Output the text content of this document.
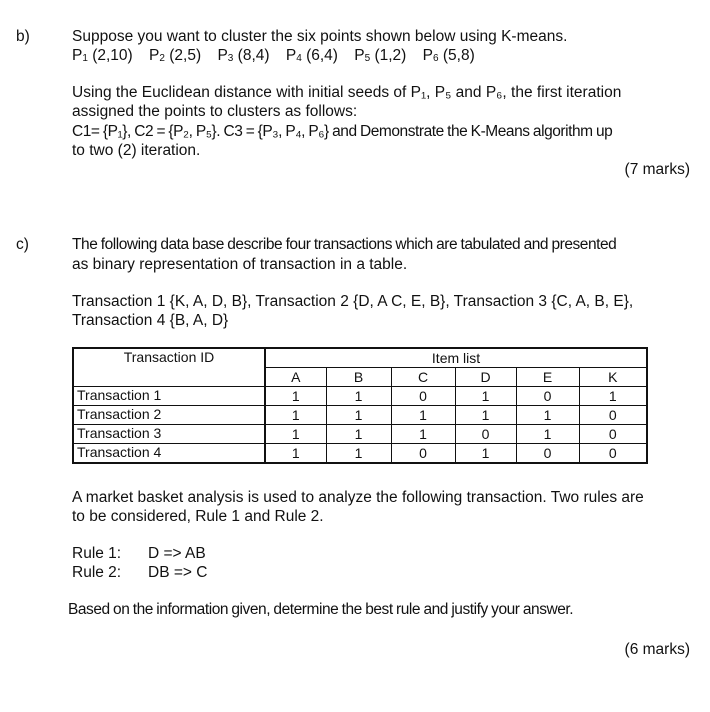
b)	Suppose you want to cluster the six points shown below using K-means.
$P_1$ (2,10) $P_2$ (2,5) $P_3$ (8,4) $P_4$ (6,4) $P_5$ (1,2) $P_6$ (5,8)
Using the Euclidean distance with initial seeds of P₁, P₅ and P₆, the first iteration
assigned the points to clusters as follows:
C1= {P₁}, C2 = {P₂, P₅}. C3 = {P₃, P₄, P₆} and Demonstrate the K-Means algorithm up
to two (2) iteration.
(7 marks)
c)	The following data base describe four transactions which are tabulated and presented
as binary representation of transaction in a table.
Transaction 1 {K, A, D, B}, Transaction 2 {D, A C, E, B}, Transaction 3 {C, A, B, E},
Transaction 4 {B, A, D}
Transaction ID	Item list					
	A	B	C	D	E	K
Transaction 1	1	1	0	1	0	1
Transaction 2	1	1	1	1	1	0
Transaction 3	1	1	1	0	1	0
Transaction 4	1	1	0	1	0	0
A market basket analysis is used to analyze the following transaction. Two rules are
to be considered, Rule 1 and Rule 2.
Rule 1: D => AB
Rule 2: DB => C
Based on the information given, determine the best rule and justify your answer.
(6 marks)
